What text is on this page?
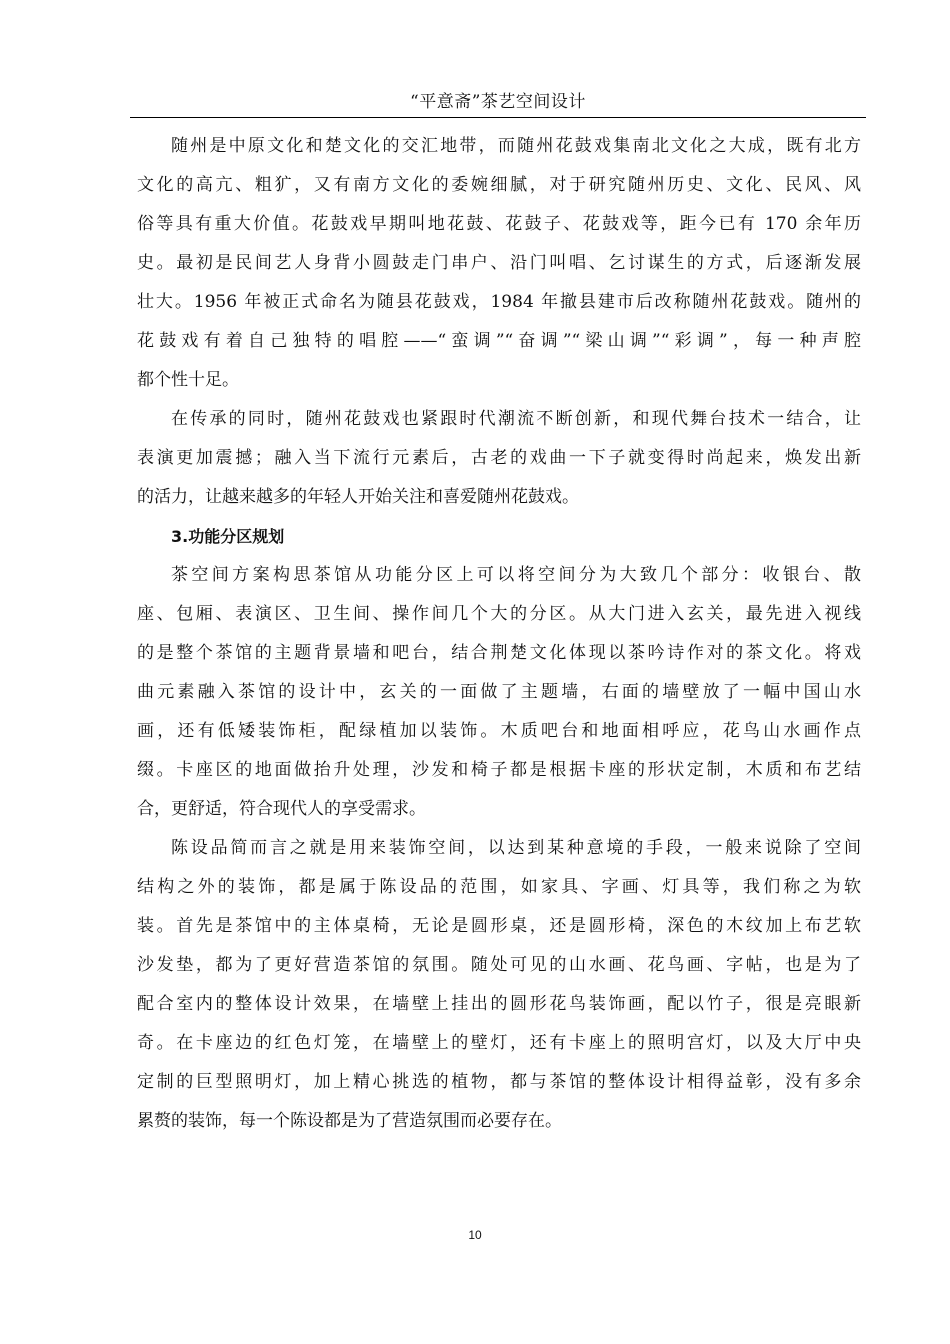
“平意斋”茶艺空间设计
随州是中原文化和楚文化的交汇地带，而随州花鼓戏集南北文化之大成，既有北方
文化的高亢、粗犷，又有南方文化的委婉细腻，对于研究随州历史、文化、民风、风
俗等具有重大价值。花鼓戏早期叫地花鼓、花鼓子、花鼓戏等，距今已有 170 余年历
史。最初是民间艺人身背小圆鼓走门串户、沿门叫唱、乞讨谋生的方式，后逐渐发展
壮大。1956 年被正式命名为随县花鼓戏，1984 年撤县建市后改称随州花鼓戏。随州的
花鼓戏有着自己独特的唱腔——“蛮调”“奋调”“梁山调”“彩调”，每一种声腔
都个性十足。
在传承的同时，随州花鼓戏也紧跟时代潮流不断创新，和现代舞台技术一结合，让
表演更加震撼；融入当下流行元素后，古老的戏曲一下子就变得时尚起来，焕发出新
的活力，让越来越多的年轻人开始关注和喜爱随州花鼓戏。
3.功能分区规划
茶空间方案构思茶馆从功能分区上可以将空间分为大致几个部分：收银台、散
座、包厢、表演区、卫生间、操作间几个大的分区。从大门进入玄关，最先进入视线
的是整个茶馆的主题背景墙和吧台，结合荆楚文化体现以茶吟诗作对的茶文化。将戏
曲元素融入茶馆的设计中，玄关的一面做了主题墙，右面的墙壁放了一幅中国山水
画，还有低矮装饰柜，配绿植加以装饰。木质吧台和地面相呼应，花鸟山水画作点
缀。卡座区的地面做抬升处理，沙发和椅子都是根据卡座的形状定制，木质和布艺结
合，更舒适，符合现代人的享受需求。
陈设品简而言之就是用来装饰空间，以达到某种意境的手段，一般来说除了空间
结构之外的装饰，都是属于陈设品的范围，如家具、字画、灯具等，我们称之为软
装。首先是茶馆中的主体桌椅，无论是圆形桌，还是圆形椅，深色的木纹加上布艺软
沙发垫，都为了更好营造茶馆的氛围。随处可见的山水画、花鸟画、字帖，也是为了
配合室内的整体设计效果，在墙壁上挂出的圆形花鸟装饰画，配以竹子，很是亮眼新
奇。在卡座边的红色灯笼，在墙壁上的壁灯，还有卡座上的照明宫灯，以及大厅中央
定制的巨型照明灯，加上精心挑选的植物，都与茶馆的整体设计相得益彰，没有多余
累赘的装饰，每一个陈设都是为了营造氛围而必要存在。
10
